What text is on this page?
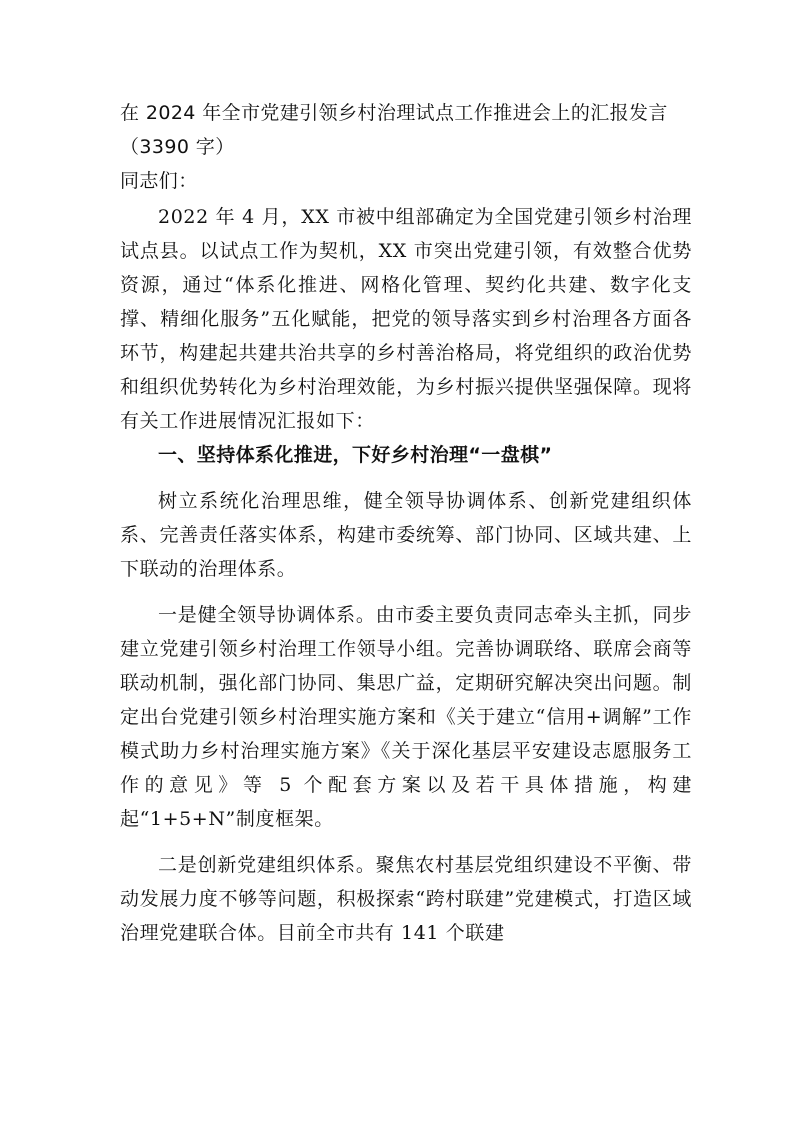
在 2024 年全市党建引领乡村治理试点工作推进会上的汇报发言（3390 字）

同志们：

2022 年 4 月，XX 市被中组部确定为全国党建引领乡村治理试点县。以试点工作为契机，XX 市突出党建引领，有效整合优势资源，通过“体系化推进、网格化管理、契约化共建、数字化支撑、精细化服务”五化赋能，把党的领导落实到乡村治理各方面各环节，构建起共建共治共享的乡村善治格局，将党组织的政治优势和组织优势转化为乡村治理效能，为乡村振兴提供坚强保障。现将有关工作进展情况汇报如下：

一、坚持体系化推进，下好乡村治理“一盘棋”

树立系统化治理思维，健全领导协调体系、创新党建组织体系、完善责任落实体系，构建市委统筹、部门协同、区域共建、上下联动的治理体系。

一是健全领导协调体系。由市委主要负责同志牵头主抓，同步建立党建引领乡村治理工作领导小组。完善协调联络、联席会商等联动机制，强化部门协同、集思广益，定期研究解决突出问题。制定出台党建引领乡村治理实施方案和《关于建立“信用+调解”工作模式助力乡村治理实施方案》《关于深化基层平安建设志愿服务工作的意见》等 5 个配套方案以及若干具体措施，构建起“1+5+N”制度框架。

二是创新党建组织体系。聚焦农村基层党组织建设不平衡、带动发展力度不够等问题，积极探索“跨村联建”党建模式，打造区域治理党建联合体。目前全市共有 141 个联建
